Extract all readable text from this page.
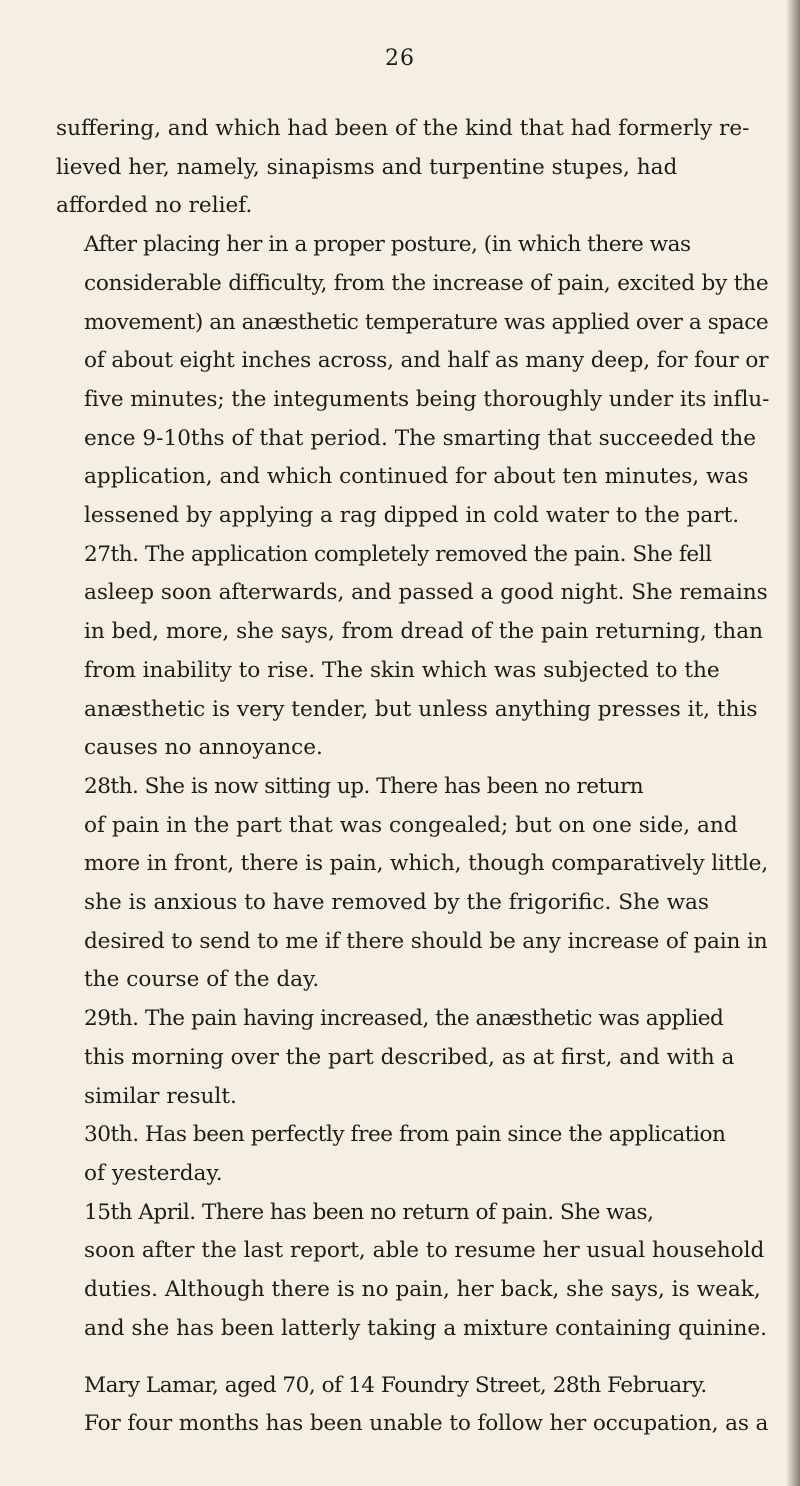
26

suffering, and which had been of the kind that had formerly re-
lieved her, namely, sinapisms and turpentine stupes, had
afforded no relief.

After placing her in a proper posture, (in which there was
considerable difficulty, from the increase of pain, excited by the
movement) an anæsthetic temperature was applied over a space
of about eight inches across, and half as many deep, for four or
five minutes; the integuments being thoroughly under its influ-
ence 9-10ths of that period. The smarting that succeeded the
application, and which continued for about ten minutes, was
lessened by applying a rag dipped in cold water to the part.

27th. The application completely removed the pain. She fell
asleep soon afterwards, and passed a good night. She remains
in bed, more, she says, from dread of the pain returning, than
from inability to rise. The skin which was subjected to the
anæsthetic is very tender, but unless anything presses it, this
causes no annoyance.

28th. She is now sitting up. There has been no return
of pain in the part that was congealed; but on one side, and
more in front, there is pain, which, though comparatively little,
she is anxious to have removed by the frigorific. She was
desired to send to me if there should be any increase of pain in
the course of the day.

29th. The pain having increased, the anæsthetic was applied
this morning over the part described, as at first, and with a
similar result.

30th. Has been perfectly free from pain since the application
of yesterday.

15th April. There has been no return of pain. She was,
soon after the last report, able to resume her usual household
duties. Although there is no pain, her back, she says, is weak,
and she has been latterly taking a mixture containing quinine.

Mary Lamar, aged 70, of 14 Foundry Street, 28th February.
For four months has been unable to follow her occupation, as a
